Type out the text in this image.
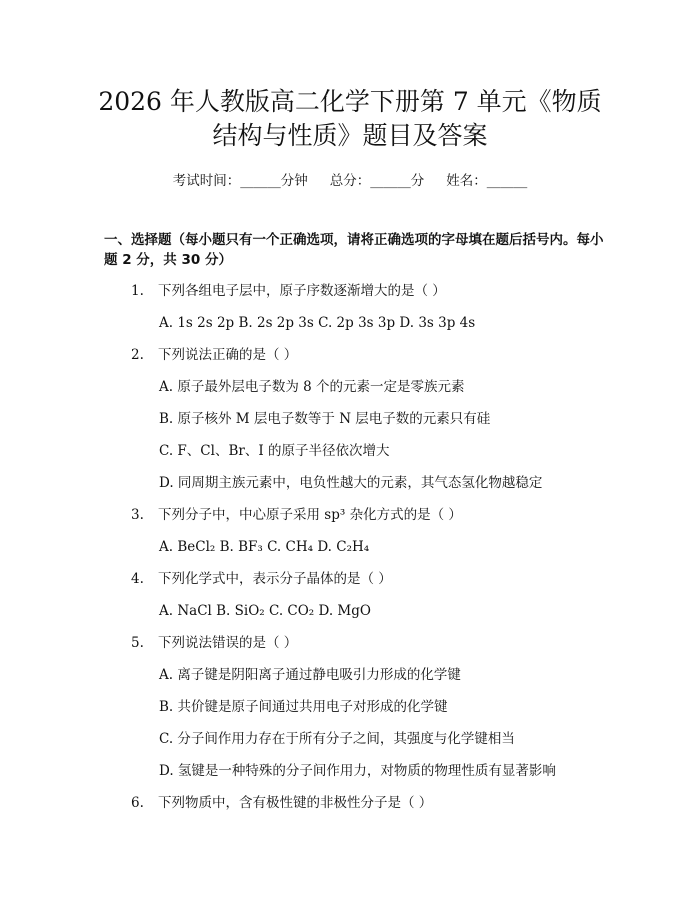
2026 年人教版高二化学下册第 7 单元《物质
结构与性质》题目及答案
考试时间：______分钟 总分：______分 姓名：______
一、选择题（每小题只有一个正确选项，请将正确选项的字母填在题后括号内。每小题 2 分，共 30 分）
1. 下列各组电子层中，原子序数逐渐增大的是（ ）
A. 1s 2s 2p B. 2s 2p 3s C. 2p 3s 3p D. 3s 3p 4s
2. 下列说法正确的是（ ）
A. 原子最外层电子数为 8 个的元素一定是零族元素
B. 原子核外 M 层电子数等于 N 层电子数的元素只有硅
C. F、Cl、Br、I 的原子半径依次增大
D. 同周期主族元素中，电负性越大的元素，其气态氢化物越稳定
3. 下列分子中，中心原子采用 sp³ 杂化方式的是（ ）
A. BeCl₂ B. BF₃ C. CH₄ D. C₂H₄
4. 下列化学式中，表示分子晶体的是（ ）
A. NaCl B. SiO₂ C. CO₂ D. MgO
5. 下列说法错误的是（ ）
A. 离子键是阴阳离子通过静电吸引力形成的化学键
B. 共价键是原子间通过共用电子对形成的化学键
C. 分子间作用力存在于所有分子之间，其强度与化学键相当
D. 氢键是一种特殊的分子间作用力，对物质的物理性质有显著影响
6. 下列物质中，含有极性键的非极性分子是（ ）
